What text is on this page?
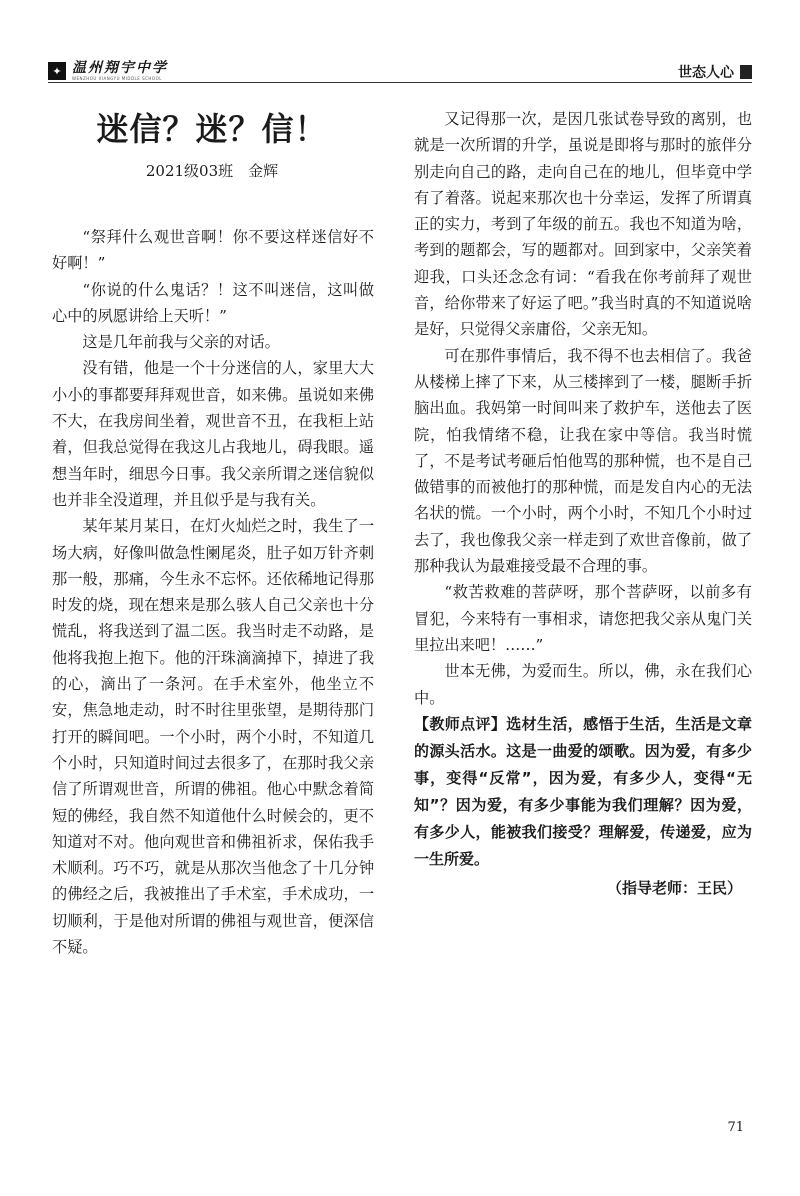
✦ 温州翔宇中学
WENZHOU XIANGYU MIDDLE SCHOOL	世态人心
迷信？迷？信！

2021级03班　金辉

“祭拜什么观世音啊！你不要这样迷信好不好啊！”

“你说的什么鬼话？！这不叫迷信，这叫做心中的夙愿讲给上天听！”

这是几年前我与父亲的对话。

没有错，他是一个十分迷信的人，家里大大小小的事都要拜拜观世音，如来佛。虽说如来佛不大，在我房间坐着，观世音不丑，在我柜上站着，但我总觉得在我这儿占我地儿，碍我眼。遥想当年时，细思今日事。我父亲所谓之迷信貌似也并非全没道理，并且似乎是与我有关。

某年某月某日，在灯火灿烂之时，我生了一场大病，好像叫做急性阑尾炎，肚子如万针齐刺那一般，那痛，今生永不忘怀。还依稀地记得那时发的烧，现在想来是那么骇人自己父亲也十分慌乱，将我送到了温二医。我当时走不动路，是他将我抱上抱下。他的汗珠滴滴掉下，掉进了我的心，滴出了一条河。在手术室外，他坐立不安，焦急地走动，时不时往里张望，是期待那门打开的瞬间吧。一个小时，两个小时，不知道几个小时，只知道时间过去很多了，在那时我父亲信了所谓观世音，所谓的佛祖。他心中默念着简短的佛经，我自然不知道他什么时候会的，更不知道对不对。他向观世音和佛祖祈求，保佑我手术顺利。巧不巧，就是从那次当他念了十几分钟的佛经之后，我被推出了手术室，手术成功，一切顺利，于是他对所谓的佛祖与观世音，便深信不疑。

又记得那一次，是因几张试卷导致的离别，也就是一次所谓的升学，虽说是即将与那时的旅伴分别走向自己的路，走向自己在的地儿，但毕竟中学有了着落。说起来那次也十分幸运，发挥了所谓真正的实力，考到了年级的前五。我也不知道为啥，考到的题都会，写的题都对。回到家中，父亲笑着迎我，口头还念念有词：“看我在你考前拜了观世音，给你带来了好运了吧。”我当时真的不知道说啥是好，只觉得父亲庸俗，父亲无知。

可在那件事情后，我不得不也去相信了。我爸从楼梯上摔了下来，从三楼摔到了一楼，腿断手折脑出血。我妈第一时间叫来了救护车，送他去了医院，怕我情绪不稳，让我在家中等信。我当时慌了，不是考试考砸后怕他骂的那种慌，也不是自己做错事的而被他打的那种慌，而是发自内心的无法名状的慌。一个小时，两个小时，不知几个小时过去了，我也像我父亲一样走到了欢世音像前，做了那种我认为最难接受最不合理的事。

“救苦救难的菩萨呀，那个菩萨呀，以前多有冒犯，今来特有一事相求，请您把我父亲从鬼门关里拉出来吧！……”

世本无佛，为爱而生。所以，佛，永在我们心中。

【教师点评】选材生活，感悟于生活，生活是文章的源头活水。这是一曲爱的颂歌。因为爱，有多少事，变得“反常”，因为爱，有多少人，变得“无知”？因为爱，有多少事能为我们理解？因为爱，有多少人，能被我们接受？理解爱，传递爱，应为一生所爱。

（指导老师：王民）

71
